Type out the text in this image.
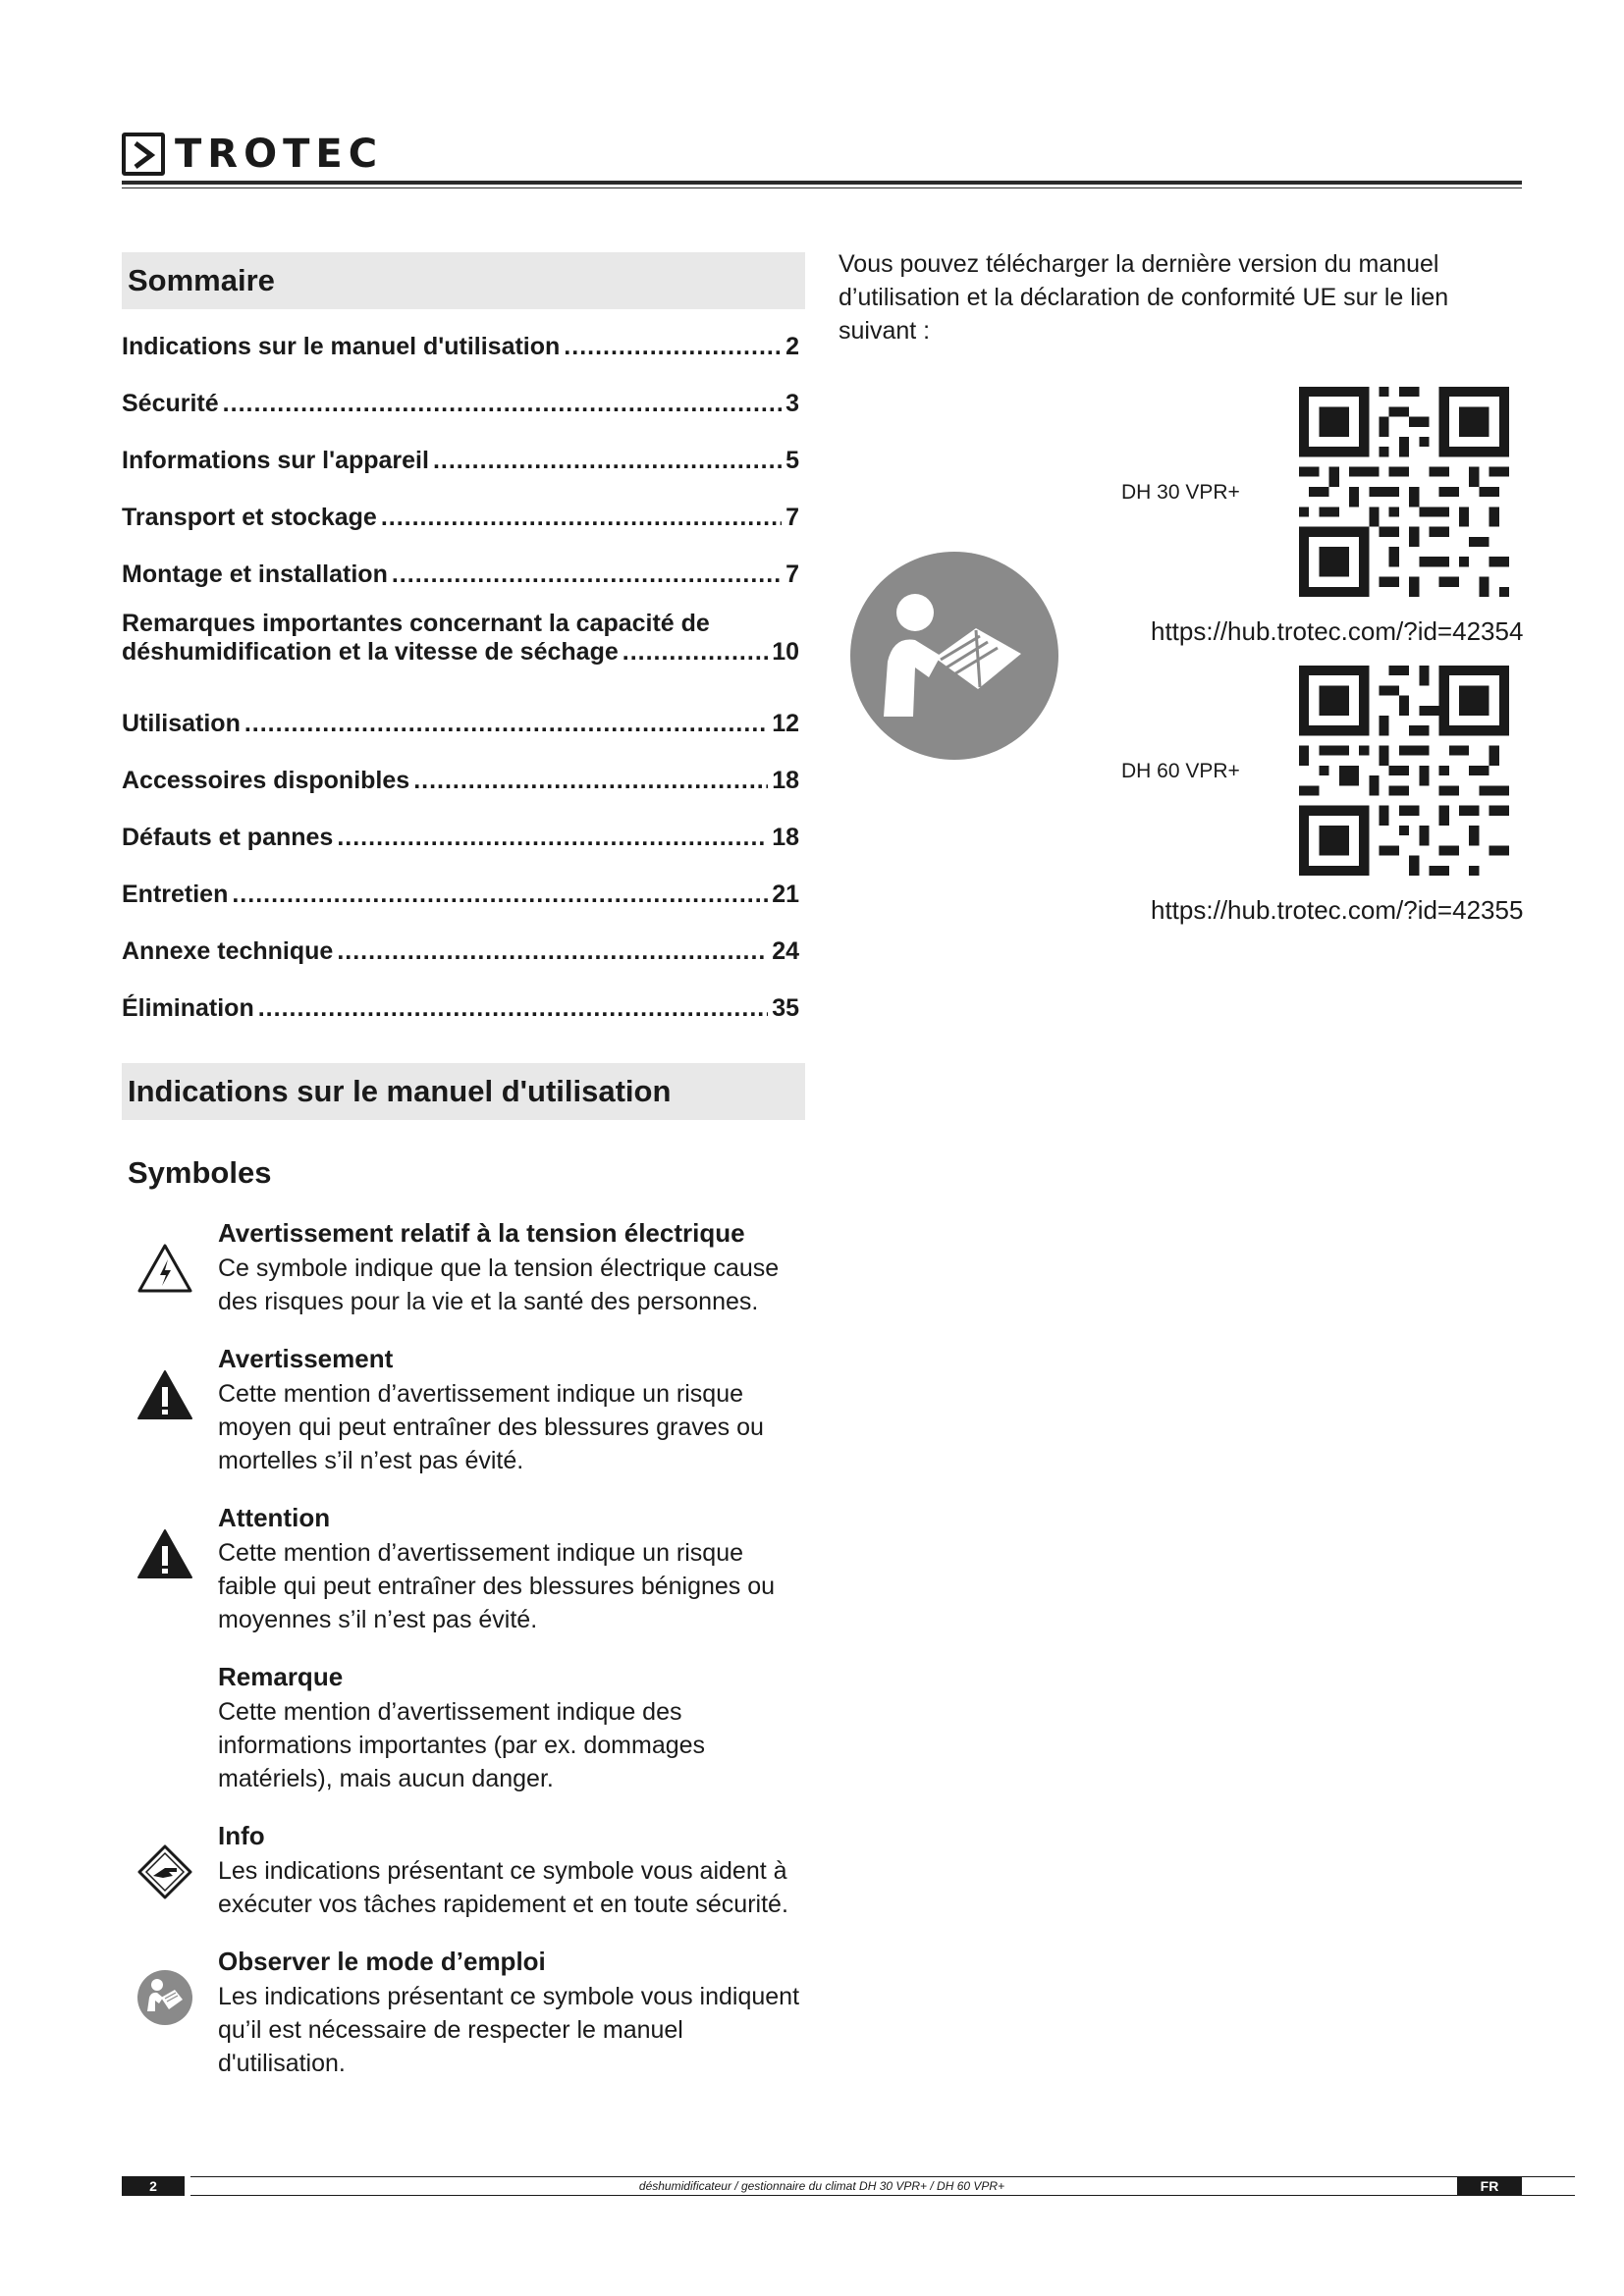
TROTEC
Sommaire
Indications sur le manuel d'utilisation .....	2
Sécurité .....	3
Informations sur l'appareil .....	5
Transport et stockage .....	7
Montage et installation .....	7
Remarques importantes concernant la capacité de
déshumidification et la vitesse de séchage .....	10
Utilisation .....	12
Accessoires disponibles .....	18
Défauts et pannes .....	18
Entretien .....	21
Annexe technique .....	24
Élimination .....	35
Indications sur le manuel d'utilisation
Symboles
Avertissement relatif à la tension électrique

Ce symbole indique que la tension électrique cause des risques pour la vie et la santé des personnes.

Avertissement

Cette mention d’avertissement indique un risque moyen qui peut entraîner des blessures graves ou mortelles s’il n’est pas évité.

Attention

Cette mention d’avertissement indique un risque faible qui peut entraîner des blessures bénignes ou moyennes s’il n’est pas évité.

Remarque

Cette mention d’avertissement indique des informations importantes (par ex. dommages matériels), mais aucun danger.

Info

Les indications présentant ce symbole vous aident à exécuter vos tâches rapidement et en toute sécurité.

Observer le mode d’emploi

Les indications présentant ce symbole vous indiquent qu’il est nécessaire de respecter le manuel d'utilisation.

Vous pouvez télécharger la dernière version du manuel d’utilisation et la déclaration de conformité UE sur le lien suivant :

DH 30 VPR+
https://hub.trotec.com/?id=42354
DH 60 VPR+
https://hub.trotec.com/?id=42355
2	déshumidificateur / gestionnaire du climat DH 30 VPR+ / DH 60 VPR+	FR
